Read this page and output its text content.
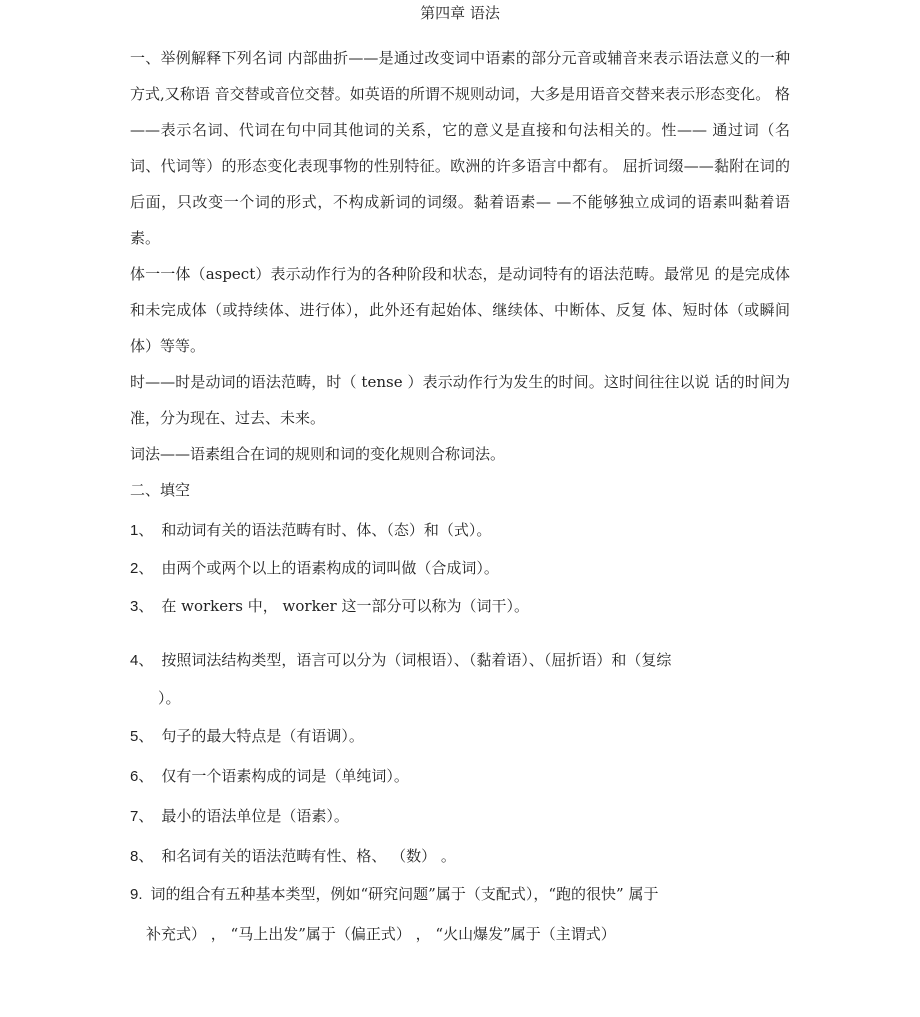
第四章 语法
一、举例解释下列名词 内部曲折——是通过改变词中语素的部分元音或辅音来表示语法意义的一种方式,又称语 音交替或音位交替。如英语的所谓不规则动词，大多是用语音交替来表示形态变化。 格——表示名词、代词在句中同其他词的关系，它的意义是直接和句法相关的。性—— 通过词（名词、代词等）的形态变化表现事物的性别特征。欧洲的许多语言中都有。 屈折词缀——黏附在词的后面，只改变一个词的形式，不构成新词的词缀。黏着语素— —不能够独立成词的语素叫黏着语素。
体一一体（aspect）表示动作行为的各种阶段和状态，是动词特有的语法范畴。最常见 的是完成体和未完成体（或持续体、进行体），此外还有起始体、继续体、中断体、反复 体、短时体（或瞬间体）等等。
时——时是动词的语法范畴，时（ tense ）表示动作行为发生的时间。这时间往往以说 话的时间为准，分为现在、过去、未来。
词法——语素组合在词的规则和词的变化规则合称词法。
二、填空
1、 和动词有关的语法范畴有时、体、（态）和（式）。
2、 由两个或两个以上的语素构成的词叫做（合成词）。
3、 在 workers 中， worker 这一部分可以称为（词干）。
4、 按照词法结构类型，语言可以分为（词根语）、（黏着语）、（屈折语）和（复综
）。
5、 句子的最大特点是（有语调）。
6、 仅有一个语素构成的词是（单纯词）。
7、 最小的语法单位是（语素）。
8、 和名词有关的语法范畴有性、格、 （数） 。
9. 词的组合有五种基本类型，例如“研究问题”属于（支配式），“跑的很快” 属于
补充式） ， “马上出发”属于（偏正式） ， “火山爆发”属于（主谓式）
